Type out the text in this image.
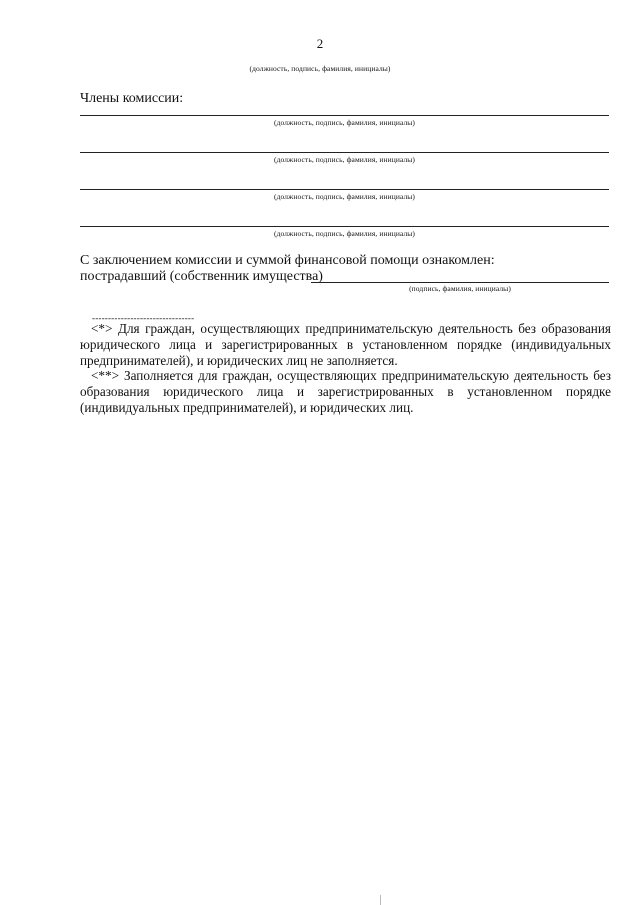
2
(должность, подпись, фамилия, инициалы)
Члены комиссии:
(должность, подпись, фамилия, инициалы)
(должность, подпись, фамилия, инициалы)
(должность, подпись, фамилия, инициалы)
(должность, подпись, фамилия, инициалы)
С заключением комиссии и суммой финансовой помощи ознакомлен:
пострадавший (собственник имущества)
(подпись, фамилия, инициалы)
--------------------------------
<*> Для граждан, осуществляющих предпринимательскую деятельность без образования юридического лица и зарегистрированных в установленном порядке (индивидуальных предпринимателей), и юридических лиц не заполняется.
<**> Заполняется для граждан, осуществляющих предпринимательскую деятельность без образования юридического лица и зарегистрированных в установленном порядке (индивидуальных предпринимателей), и юридических лиц.
